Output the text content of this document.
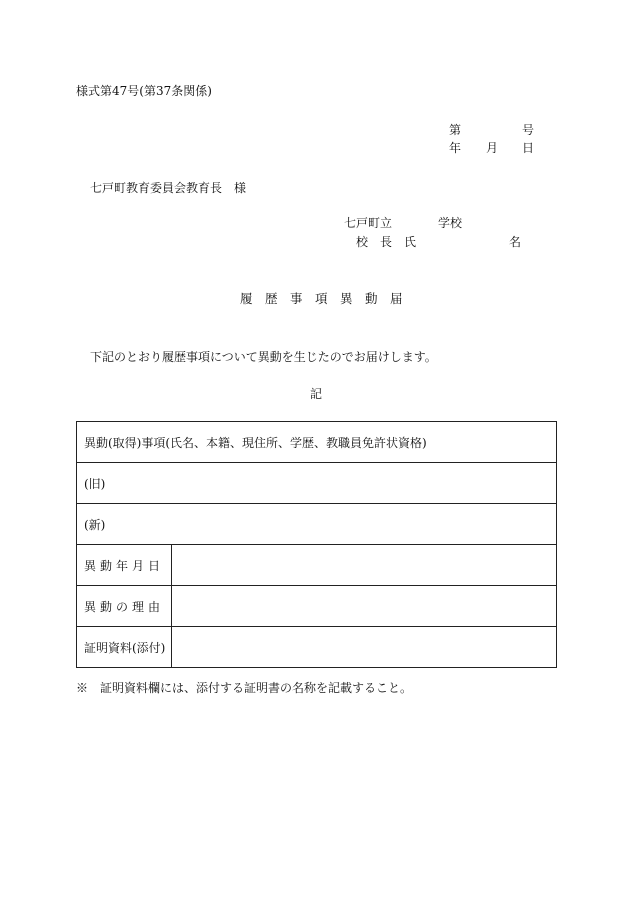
様式第47号(第37条関係)
第	号
年 月 日
七戸町教育委員会教育長　様
七戸町立	学校
校　長　氏	名
履　歴　事　項　異　動　届
下記のとおり履歴事項について異動を生じたのでお届けします。
記
異動(取得)事項(氏名、本籍、現住所、学歴、教職員免許状資格)	
(旧)	
(新)	
異動年月日	
異動の理由	
証明資料(添付)	
※　証明資料欄には、添付する証明書の名称を記載すること。
